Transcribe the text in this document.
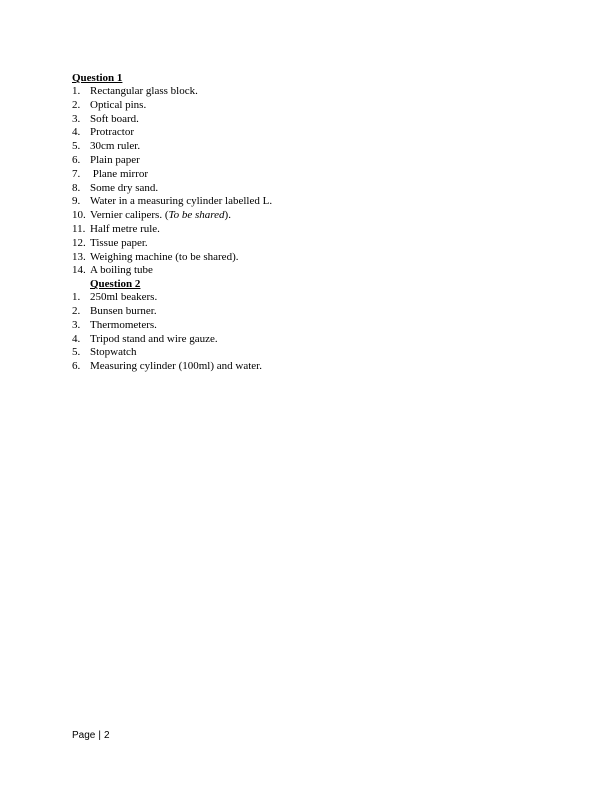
Question 1
1. Rectangular glass block.
2. Optical pins.
3. Soft board.
4. Protractor
5. 30cm ruler.
6. Plain paper
7. Plane mirror
8. Some dry sand.
9. Water in a measuring cylinder labelled L.
10. Vernier calipers. (To be shared).
11. Half metre rule.
12. Tissue paper.
13. Weighing machine (to be shared).
14. A boiling tube
Question 2
1. 250ml beakers.
2. Bunsen burner.
3. Thermometers.
4. Tripod stand and wire gauze.
5. Stopwatch
6. Measuring cylinder (100ml) and water.
Page | 2
